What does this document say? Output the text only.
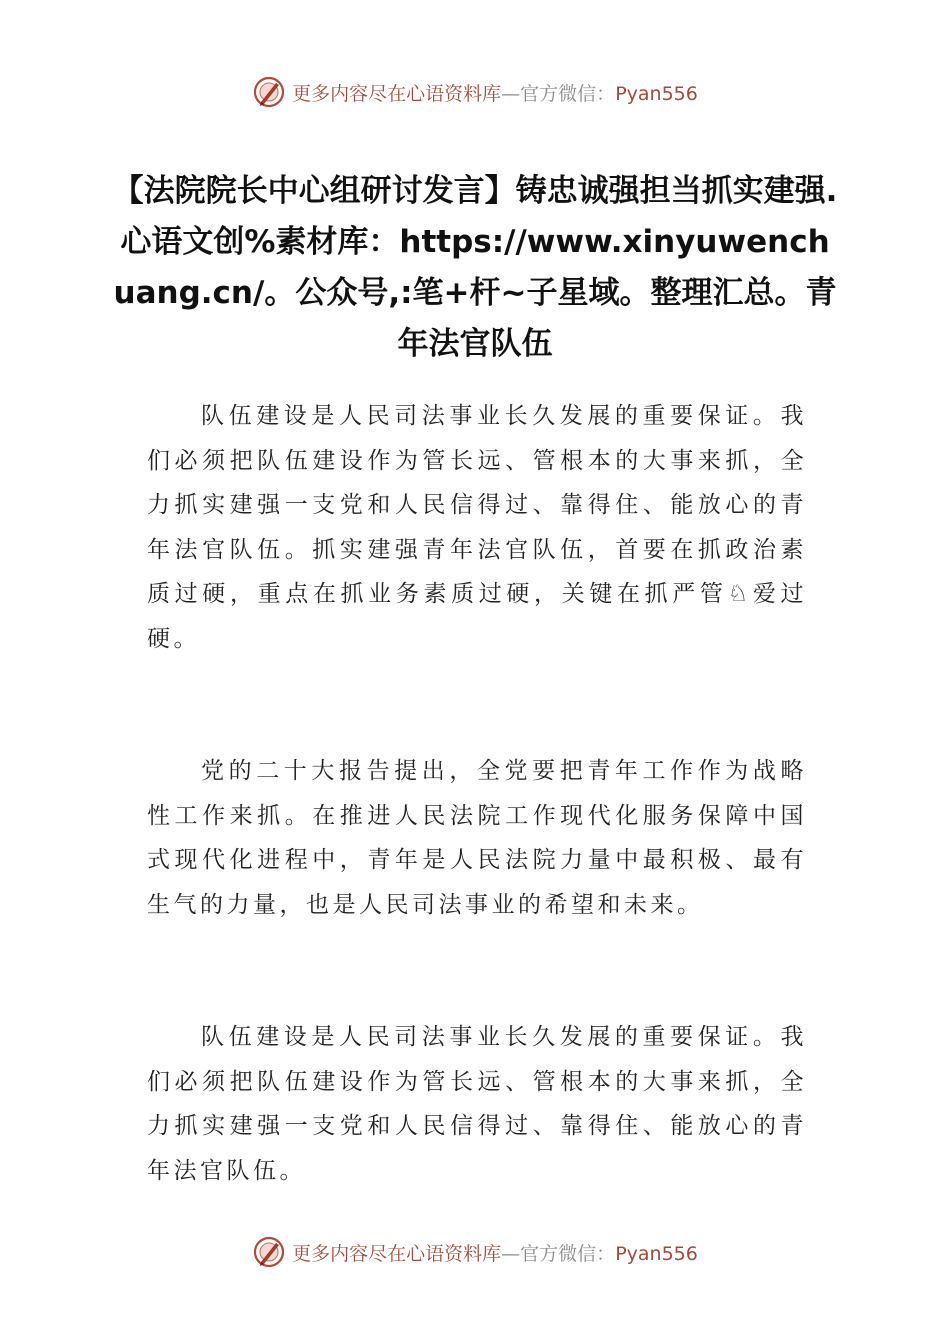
更多内容尽在心语资料库—官方微信：Pyan556
【法院院长中心组研讨发言】铸忠诚强担当抓实建强.心语文创%素材库：https://www.xinyuwenchuang.cn/。公众号,:笔+杆~子星域。整理汇总。青年法官队伍

队伍建设是人民司法事业长久发展的重要保证。我们必须把队伍建设作为管长远、管根本的大事来抓，全力抓实建强一支党和人民信得过、靠得住、能放心的青年法官队伍。抓实建强青年法官队伍，首要在抓政治素质过硬，重点在抓业务素质过硬，关键在抓严管♘爱过硬。

党的二十大报告提出，全党要把青年工作作为战略性工作来抓。在推进人民法院工作现代化服务保障中国式现代化进程中，青年是人民法院力量中最积极、最有生气的力量，也是人民司法事业的希望和未来。

队伍建设是人民司法事业长久发展的重要保证。我们必须把队伍建设作为管长远、管根本的大事来抓，全力抓实建强一支党和人民信得过、靠得住、能放心的青年法官队伍。

更多内容尽在心语资料库—官方微信：Pyan556
